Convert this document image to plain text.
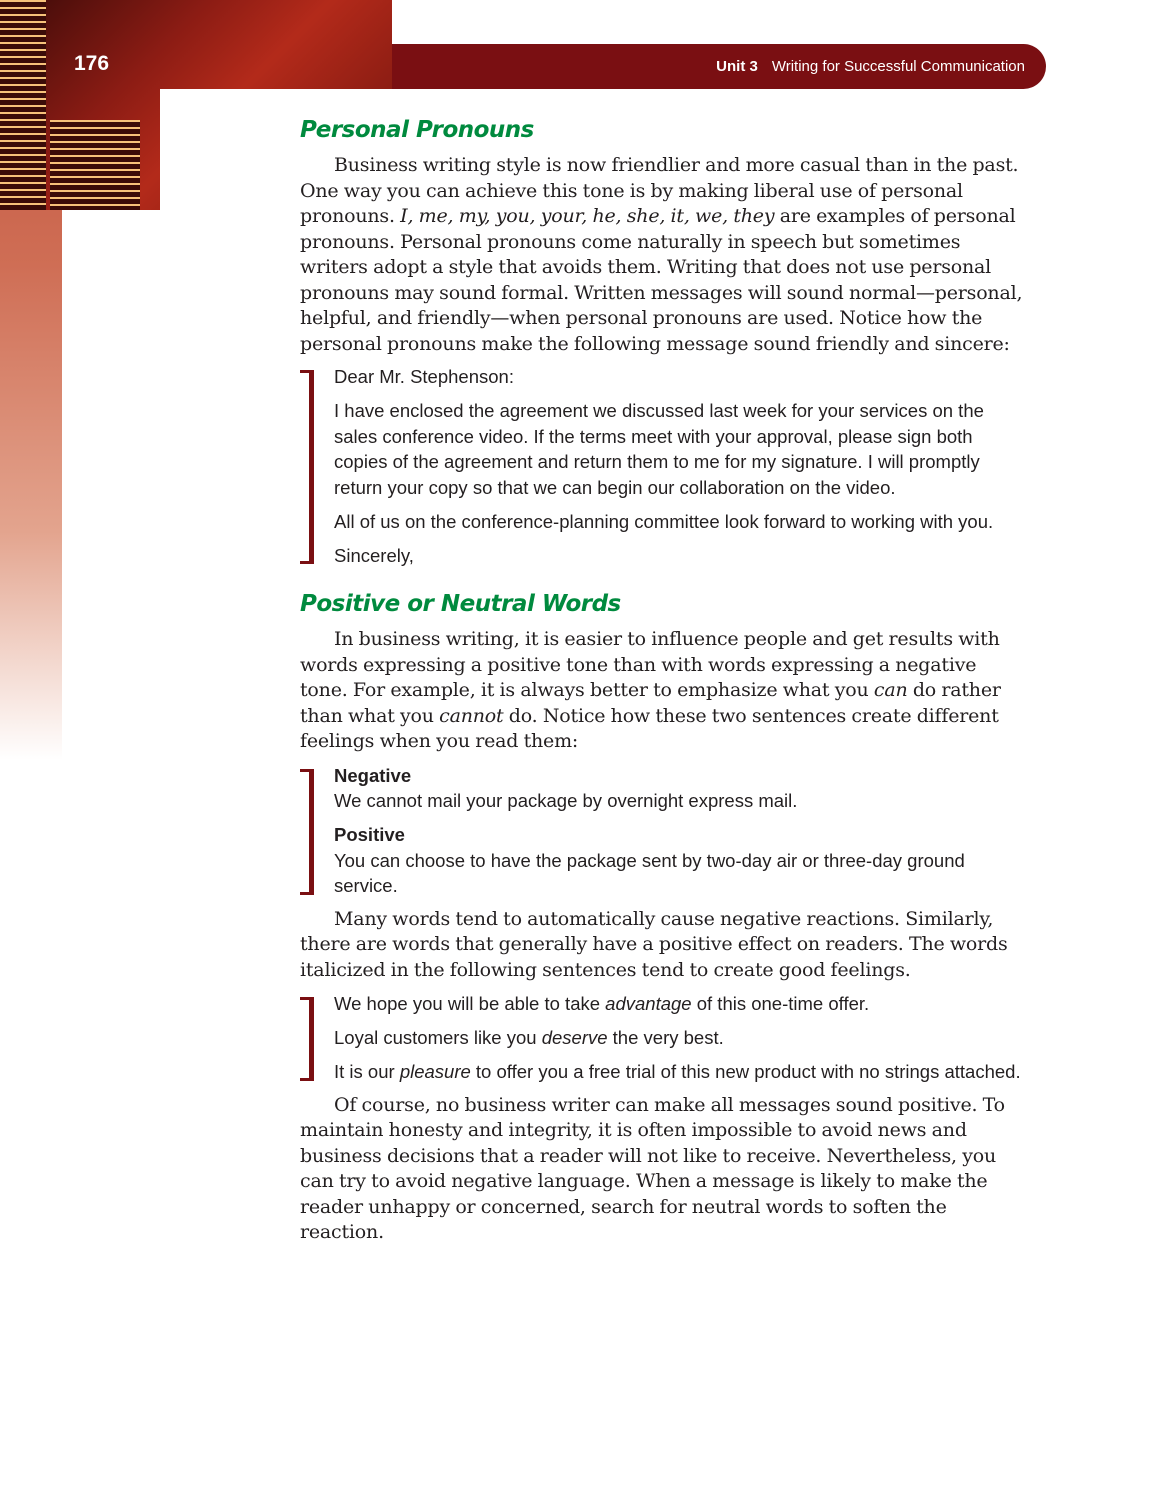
176	Unit 3 Writing for Successful Communication
Personal Pronouns

Business writing style is now friendlier and more casual than in the past. One way you can achieve this tone is by making liberal use of personal pronouns. I, me, my, you, your, he, she, it, we, they are examples of personal pronouns. Personal pronouns come naturally in speech but sometimes writers adopt a style that avoids them. Writing that does not use personal pronouns may sound formal. Written messages will sound normal—personal, helpful, and friendly—when personal pronouns are used. Notice how the personal pronouns make the following message sound friendly and sincere:

Dear Mr. Stephenson:

I have enclosed the agreement we discussed last week for your services on the sales conference video. If the terms meet with your approval, please sign both copies of the agreement and return them to me for my signature. I will promptly return your copy so that we can begin our collaboration on the video.

All of us on the conference-planning committee look forward to working with you.

Sincerely,

Positive or Neutral Words

In business writing, it is easier to influence people and get results with words expressing a positive tone than with words expressing a negative tone. For example, it is always better to emphasize what you can do rather than what you cannot do. Notice how these two sentences create different feelings when you read them:

Negative

We cannot mail your package by overnight express mail.

Positive

You can choose to have the package sent by two-day air or three-day ground service.

Many words tend to automatically cause negative reactions. Similarly, there are words that generally have a positive effect on readers. The words italicized in the following sentences tend to create good feelings.

We hope you will be able to take advantage of this one-time offer.

Loyal customers like you deserve the very best.

It is our pleasure to offer you a free trial of this new product with no strings attached.

Of course, no business writer can make all messages sound positive. To maintain honesty and integrity, it is often impossible to avoid news and business decisions that a reader will not like to receive. Nevertheless, you can try to avoid negative language. When a message is likely to make the reader unhappy or concerned, search for neutral words to soften the reaction.
